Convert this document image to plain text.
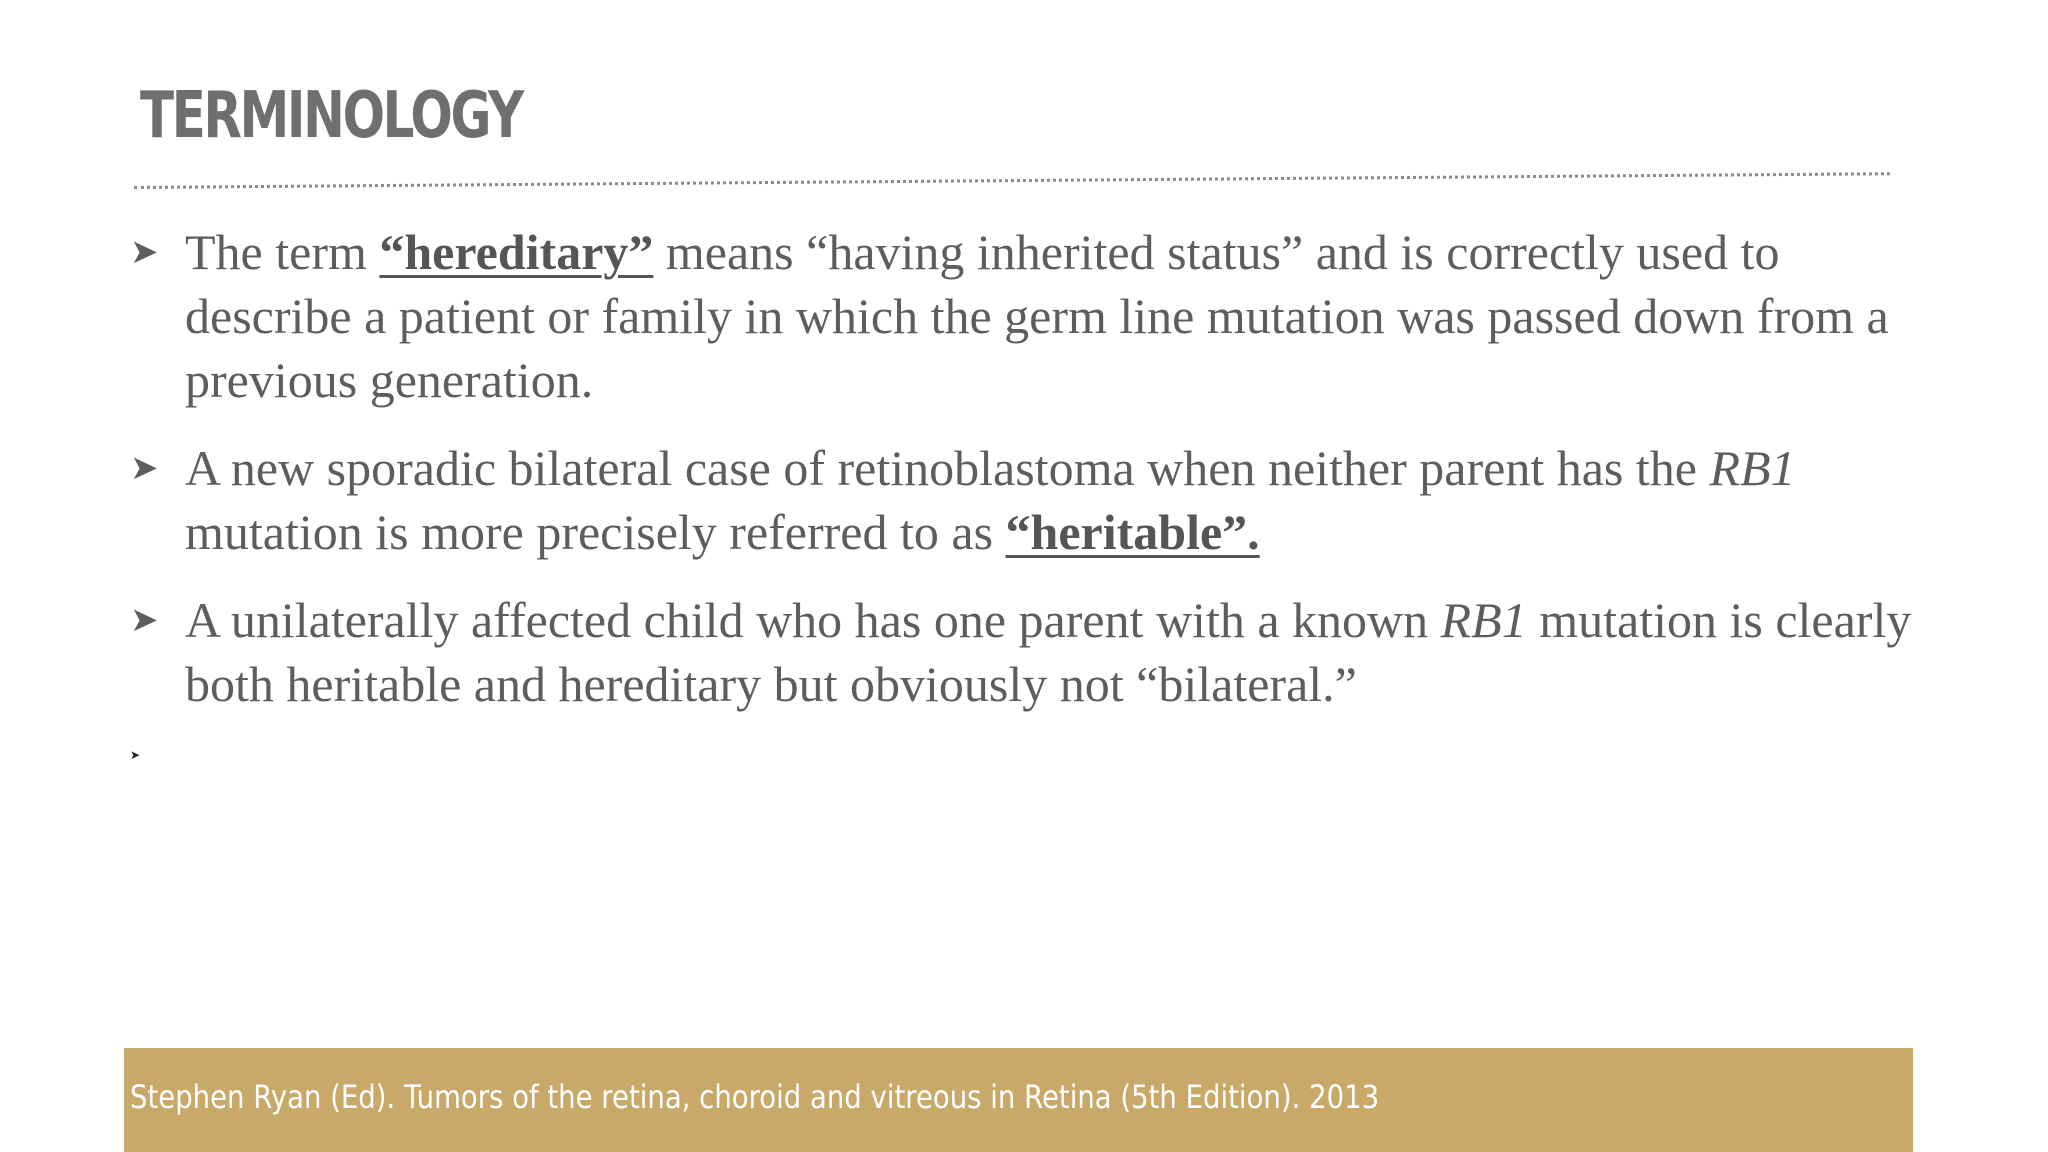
TERMINOLOGY
➤ The term “hereditary” means “having inherited status” and is correctly used to describe a patient or family in which the germ line mutation was passed down from a previous generation.
➤ A new sporadic bilateral case of retinoblastoma when neither parent has the RB1 mutation is more precisely referred to as “heritable”.
➤ A unilaterally affected child who has one parent with a known RB1 mutation is clearly both heritable and hereditary but obviously not “bilateral.”
➤
Stephen Ryan (Ed). Tumors of the retina, choroid and vitreous in Retina (5th Edition). 2013
